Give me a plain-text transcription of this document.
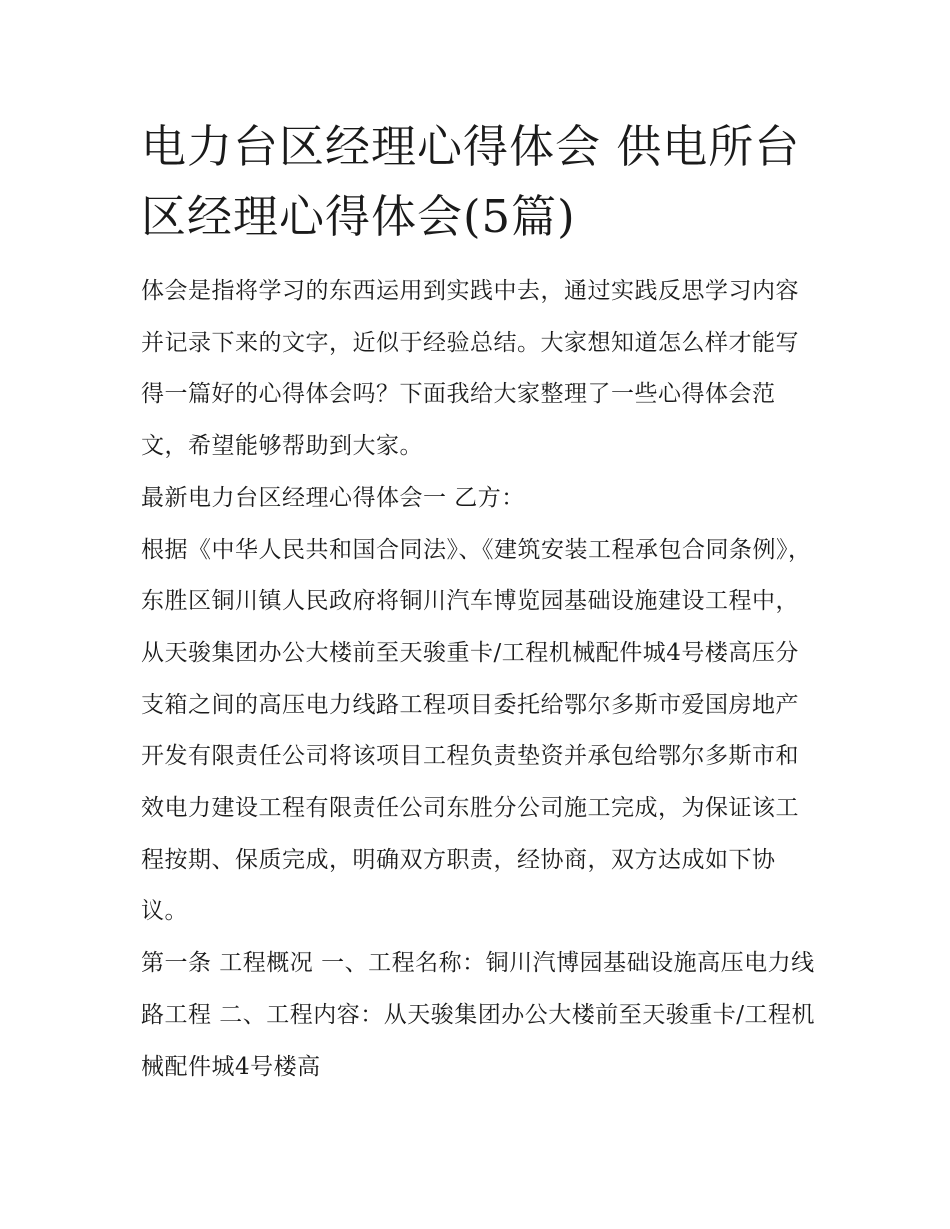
电力台区经理心得体会 供电所台区经理心得体会(5篇)

体会是指将学习的东西运用到实践中去，通过实践反思学习内容并记录下来的文字，近似于经验总结。大家想知道怎么样才能写得一篇好的心得体会吗？下面我给大家整理了一些心得体会范文，希望能够帮助到大家。

最新电力台区经理心得体会一 乙方：

根据《中华人民共和国合同法》、《建筑安装工程承包合同条例》，东胜区铜川镇人民政府将铜川汽车博览园基础设施建设工程中，从天骏集团办公大楼前至天骏重卡/工程机械配件城4号楼高压分支箱之间的高压电力线路工程项目委托给鄂尔多斯市爱国房地产开发有限责任公司将该项目工程负责垫资并承包给鄂尔多斯市和效电力建设工程有限责任公司东胜分公司施工完成，为保证该工程按期、保质完成，明确双方职责，经协商，双方达成如下协议。

第一条 工程概况 一、工程名称：铜川汽博园基础设施高压电力线路工程 二、工程内容：从天骏集团办公大楼前至天骏重卡/工程机械配件城4号楼高
